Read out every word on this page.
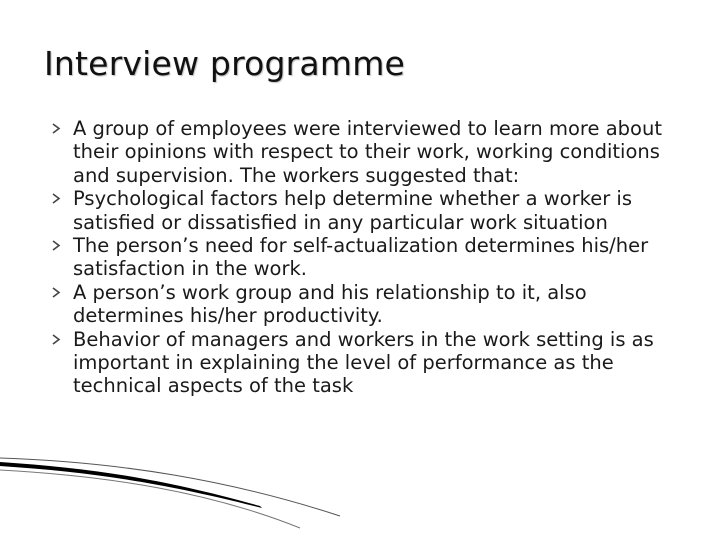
Interview programme
A group of employees were interviewed to learn more about their opinions with respect to their work, working conditions and supervision. The workers suggested that:
Psychological factors help determine whether a worker is satisfied or dissatisfied in any particular work situation
The person’s need for self-actualization determines his/her satisfaction in the work.
A person’s work group and his relationship to it, also determines his/her productivity.
Behavior of managers and workers in the work setting is as important in explaining the level of performance as the technical aspects of the task
